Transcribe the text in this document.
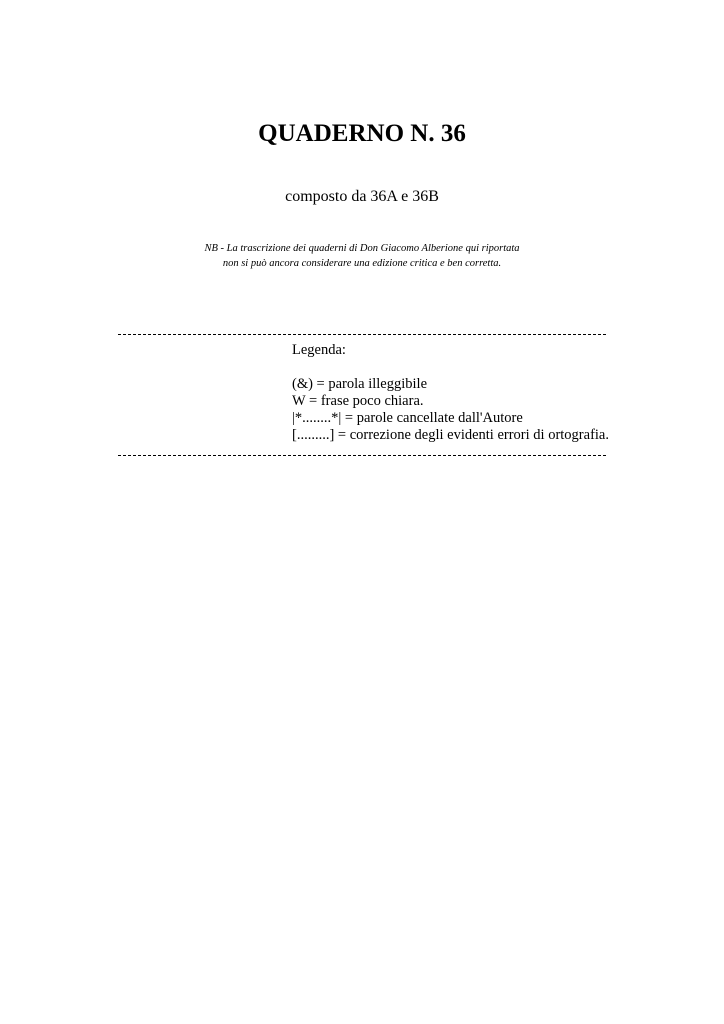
QUADERNO N. 36

composto da 36A e 36B

NB - La trascrizione dei quaderni di Don Giacomo Alberione qui riportata
non si può ancora considerare una edizione critica e ben corretta.
Legenda:
(&) = parola illeggibile
W = frase poco chiara.
|*........*| = parole cancellate dall'Autore
[.........] = correzione degli evidenti errori di ortografia.
